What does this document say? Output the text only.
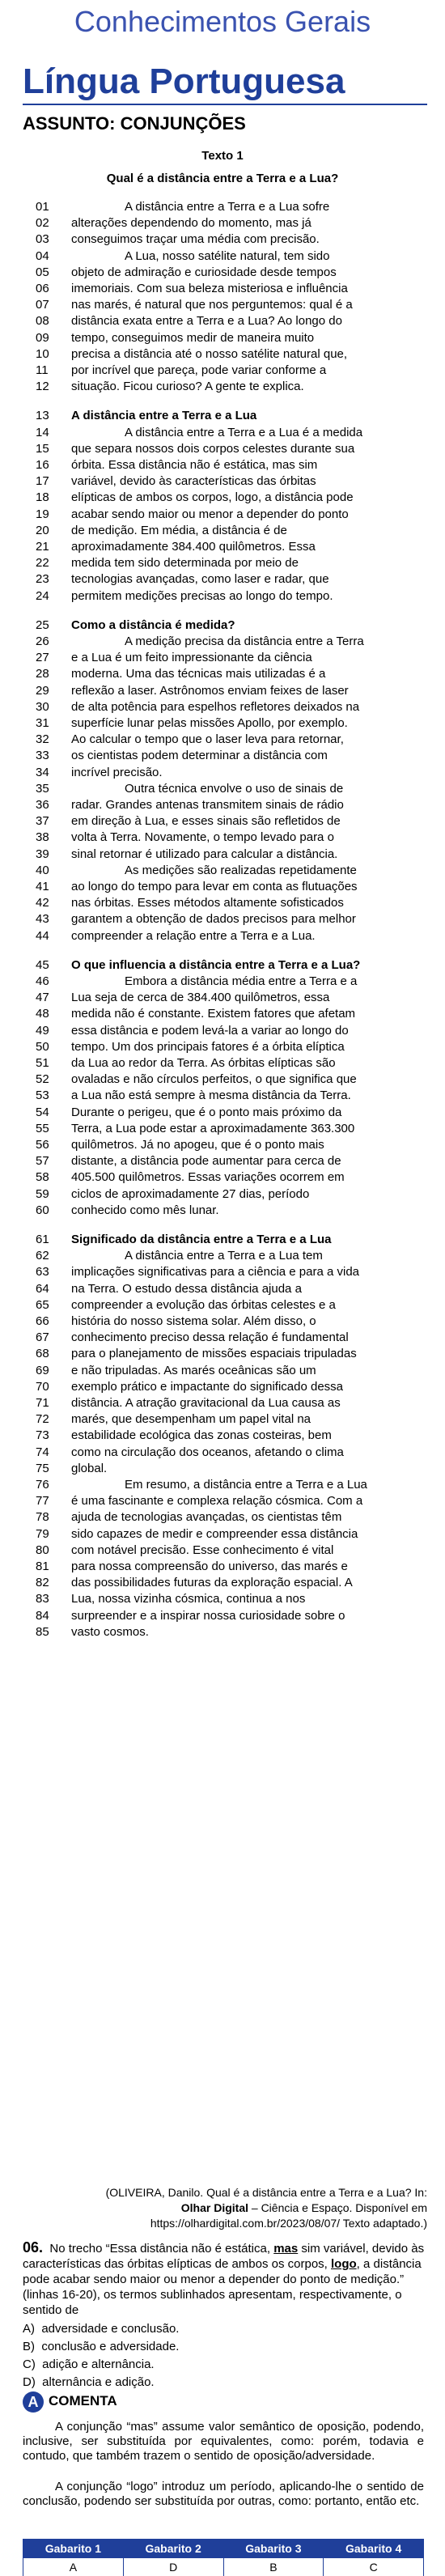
Conhecimentos Gerais
Língua Portuguesa
ASSUNTO: CONJUNÇÕES
Texto 1
Qual é a distância entre a Terra e a Lua?
01	A distância entre a Terra e a Lua sofre
02	alterações dependendo do momento, mas já
03	conseguimos traçar uma média com precisão.
04	A Lua, nosso satélite natural, tem sido
05	objeto de admiração e curiosidade desde tempos
06	imemoriais. Com sua beleza misteriosa e influência
07	nas marés, é natural que nos perguntemos: qual é a
08	distância exata entre a Terra e a Lua? Ao longo do
09	tempo, conseguimos medir de maneira muito
10	precisa a distância até o nosso satélite natural que,
11	por incrível que pareça, pode variar conforme a
12	situação. Ficou curioso? A gente te explica.
13	A distância entre a Terra e a Lua
14	A distância entre a Terra e a Lua é a medida
15	que separa nossos dois corpos celestes durante sua
16	órbita. Essa distância não é estática, mas sim
17	variável, devido às características das órbitas
18	elípticas de ambos os corpos, logo, a distância pode
19	acabar sendo maior ou menor a depender do ponto
20	de medição. Em média, a distância é de
21	aproximadamente 384.400 quilômetros. Essa
22	medida tem sido determinada por meio de
23	tecnologias avançadas, como laser e radar, que
24	permitem medições precisas ao longo do tempo.
25	Como a distância é medida?
26	A medição precisa da distância entre a Terra
27	e a Lua é um feito impressionante da ciência
28	moderna. Uma das técnicas mais utilizadas é a
29	reflexão a laser. Astrônomos enviam feixes de laser
30	de alta potência para espelhos refletores deixados na
31	superfície lunar pelas missões Apollo, por exemplo.
32	Ao calcular o tempo que o laser leva para retornar,
33	os cientistas podem determinar a distância com
34	incrível precisão.
35	Outra técnica envolve o uso de sinais de
36	radar. Grandes antenas transmitem sinais de rádio
37	em direção à Lua, e esses sinais são refletidos de
38	volta à Terra. Novamente, o tempo levado para o
39	sinal retornar é utilizado para calcular a distância.
40	As medições são realizadas repetidamente
41	ao longo do tempo para levar em conta as flutuações
42	nas órbitas. Esses métodos altamente sofisticados
43	garantem a obtenção de dados precisos para melhor
44	compreender a relação entre a Terra e a Lua.
45	O que influencia a distância entre a Terra e a Lua?
46	Embora a distância média entre a Terra e a
47	Lua seja de cerca de 384.400 quilômetros, essa
48	medida não é constante. Existem fatores que afetam
49	essa distância e podem levá-la a variar ao longo do
50	tempo. Um dos principais fatores é a órbita elíptica
51	da Lua ao redor da Terra. As órbitas elípticas são
52	ovaladas e não círculos perfeitos, o que significa que
53	a Lua não está sempre à mesma distância da Terra.
54	Durante o perigeu, que é o ponto mais próximo da
55	Terra, a Lua pode estar a aproximadamente 363.300
56	quilômetros. Já no apogeu, que é o ponto mais
57	distante, a distância pode aumentar para cerca de
58	405.500 quilômetros. Essas variações ocorrem em
59	ciclos de aproximadamente 27 dias, período
60	conhecido como mês lunar.
61	Significado da distância entre a Terra e a Lua
62	A distância entre a Terra e a Lua tem
63	implicações significativas para a ciência e para a vida
64	na Terra. O estudo dessa distância ajuda a
65	compreender a evolução das órbitas celestes e a
66	história do nosso sistema solar. Além disso, o
67	conhecimento preciso dessa relação é fundamental
68	para o planejamento de missões espaciais tripuladas
69	e não tripuladas. As marés oceânicas são um
70	exemplo prático e impactante do significado dessa
71	distância. A atração gravitacional da Lua causa as
72	marés, que desempenham um papel vital na
73	estabilidade ecológica das zonas costeiras, bem
74	como na circulação dos oceanos, afetando o clima
75	global.
76	Em resumo, a distância entre a Terra e a Lua
77	é uma fascinante e complexa relação cósmica. Com a
78	ajuda de tecnologias avançadas, os cientistas têm
79	sido capazes de medir e compreender essa distância
80	com notável precisão. Esse conhecimento é vital
81	para nossa compreensão do universo, das marés e
82	das possibilidades futuras da exploração espacial. A
83	Lua, nossa vizinha cósmica, continua a nos
84	surpreender e a inspirar nossa curiosidade sobre o
85	vasto cosmos.
(OLIVEIRA, Danilo. Qual é a distância entre a Terra e a Lua? In:
Olhar Digital – Ciência e Espaço. Disponível em
https://olhardigital.com.br/2023/08/07/ Texto adaptado.)
06. No trecho “Essa distância não é estática, mas sim variável, devido às características das órbitas elípticas de ambos os corpos, logo, a distância pode acabar sendo maior ou menor a depender do ponto de medição.” (linhas 16-20), os termos sublinhados apresentam, respectivamente, o sentido de
A) adversidade e conclusão.
B) conclusão e adversidade.
C) adição e alternância.
D) alternância e adição.
A COMENTA
A conjunção “mas” assume valor semântico de oposição, podendo, inclusive, ser substituída por equivalentes, como: porém, todavia e contudo, que também trazem o sentido de oposição/adversidade.
A conjunção “logo” introduz um período, aplicando-lhe o sentido de conclusão, podendo ser substituída por outras, como: portanto, então etc.
Gabarito 1	Gabarito 2	Gabarito 3	Gabarito 4
A	D	B	C
